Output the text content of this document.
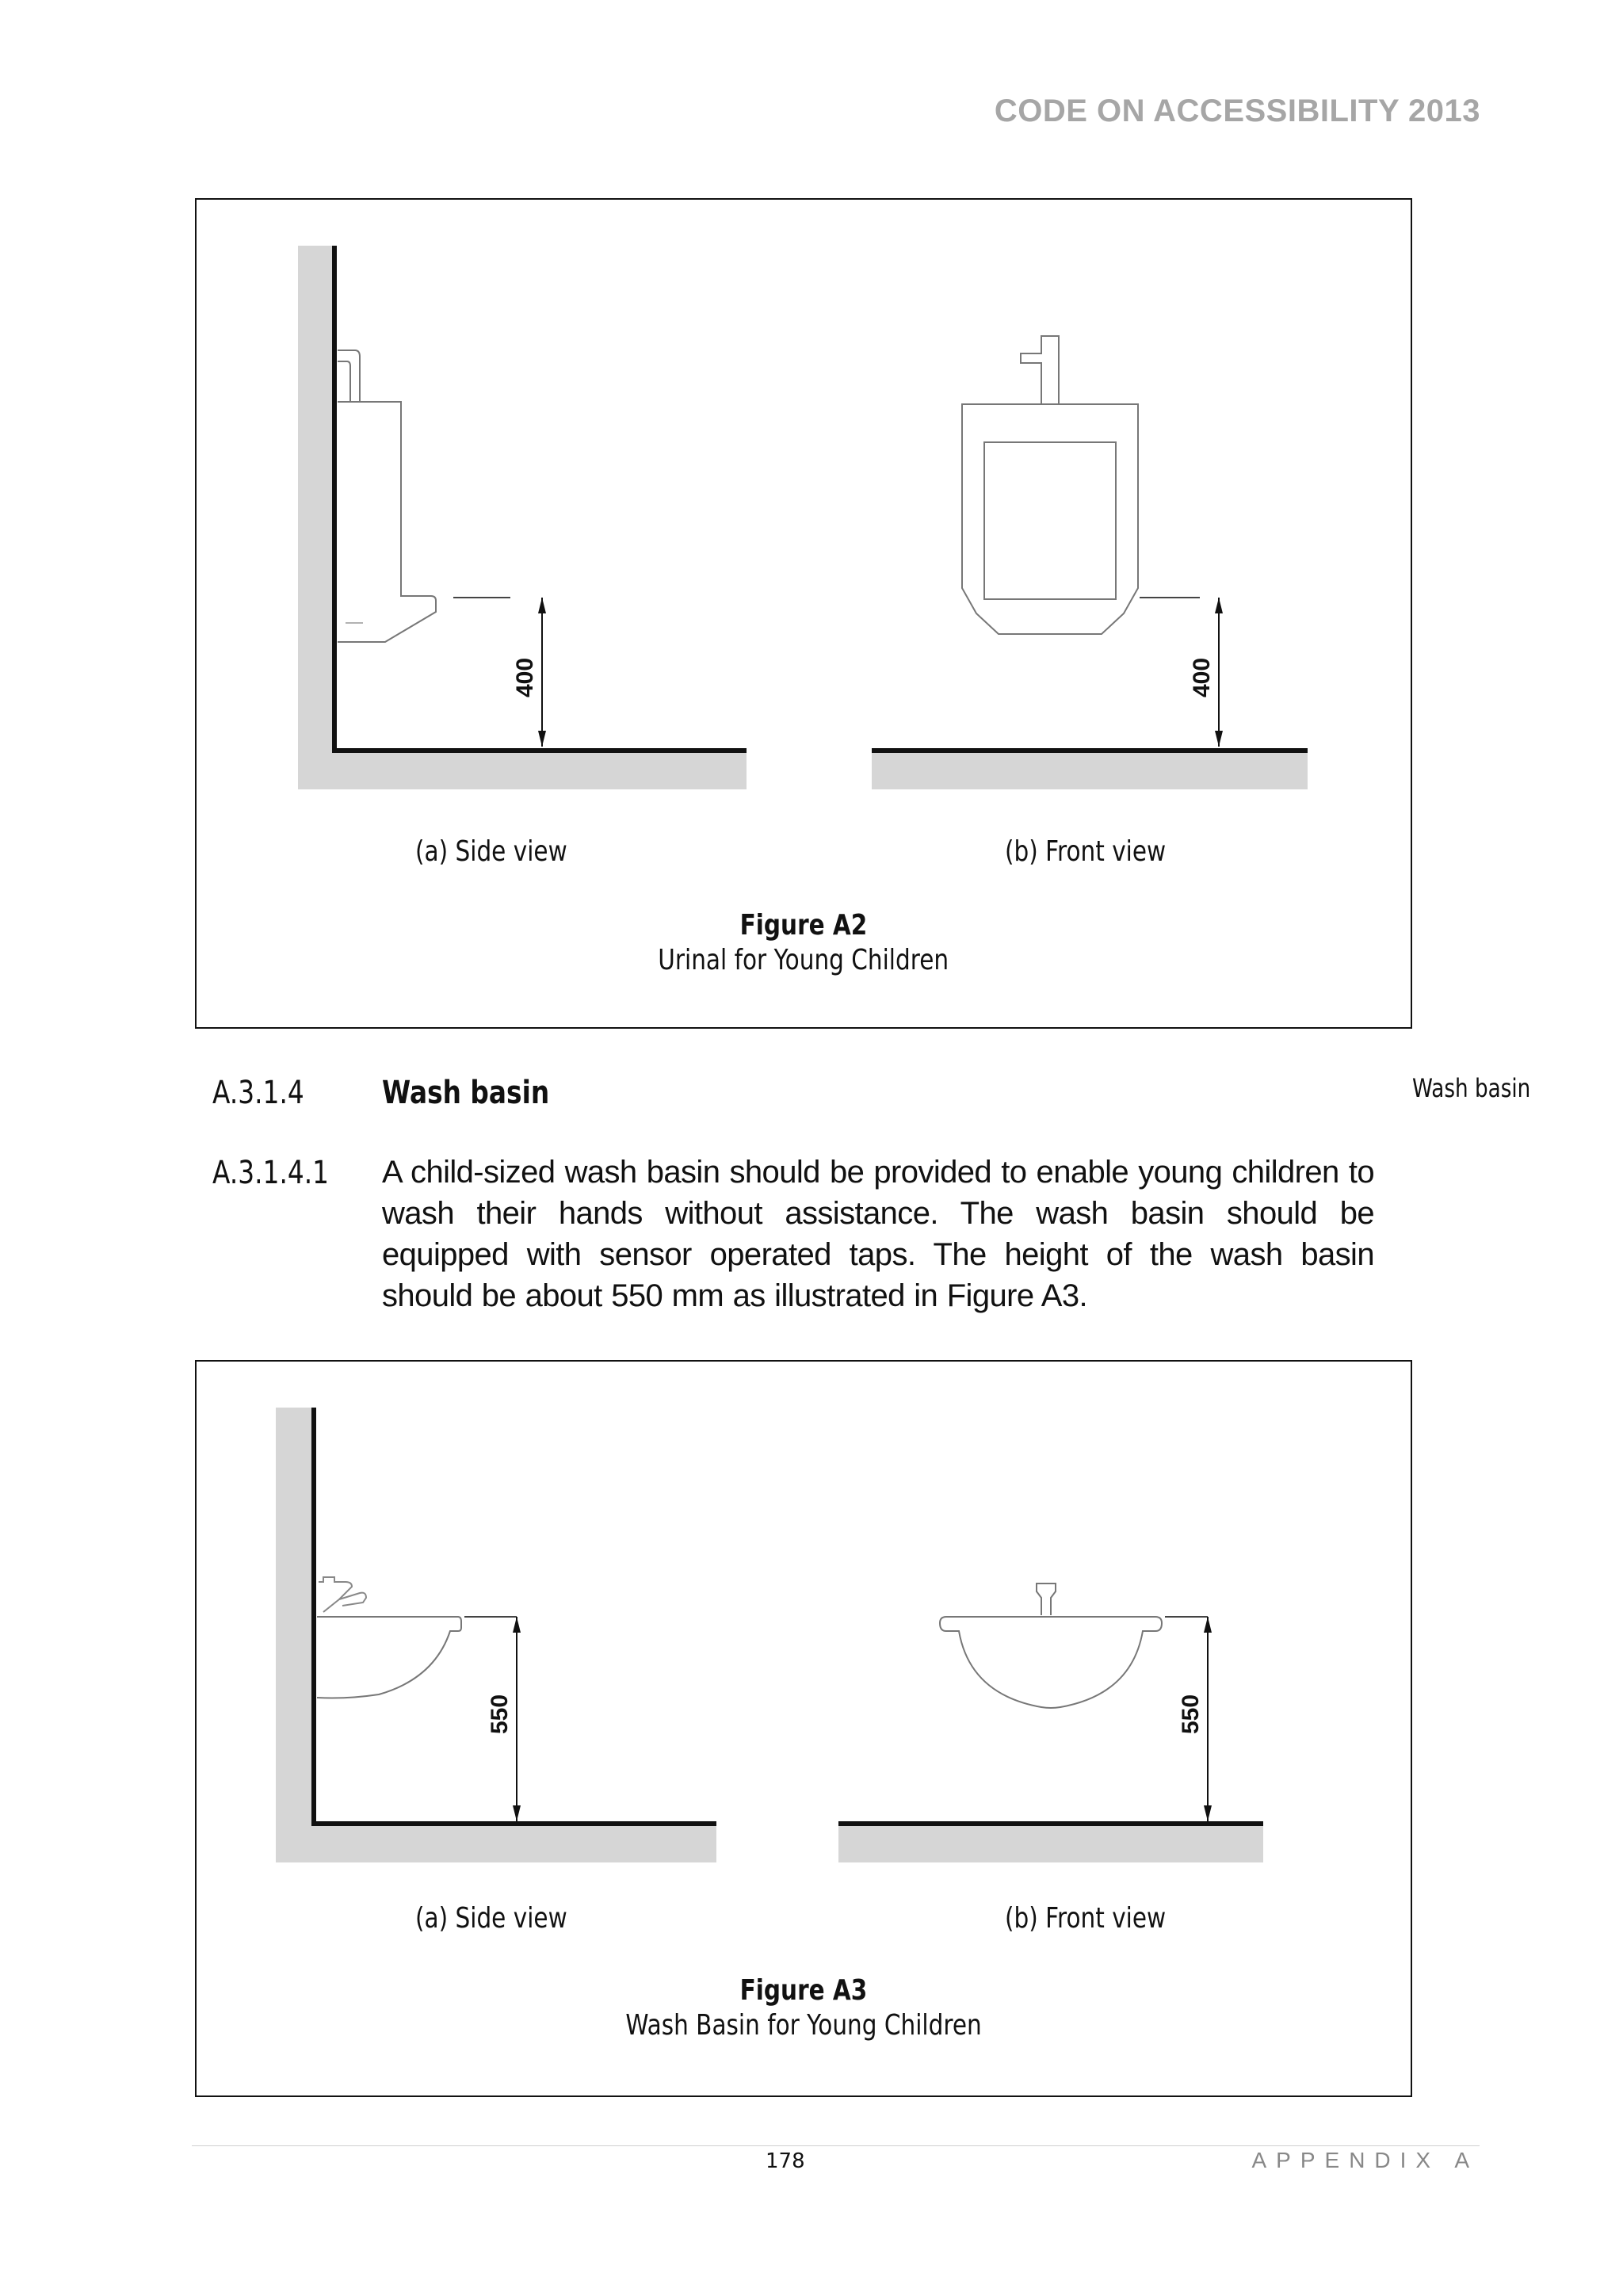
CODE ON ACCESSIBILITY 2013
400	400
(a) Side view	(b) Front view
Figure A2
Urinal for Young Children
A.3.1.4 Wash basin	Wash basin
A.3.1.4.1 A child-sized wash basin should be provided to enable young children to wash their hands without assistance. The wash basin should be equipped with sensor operated taps. The height of the wash basin should be about 550 mm as illustrated in Figure A3.

550	550
(a) Side view	(b) Front view
Figure A3
Wash Basin for Young Children
178	APPENDIX A
